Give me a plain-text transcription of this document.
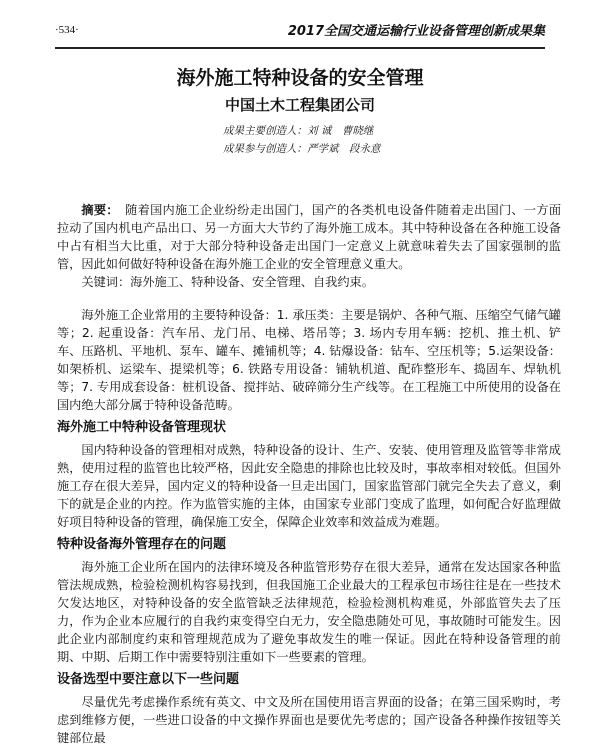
·534·	2017全国交通运输行业设备管理创新成果集
海外施工特种设备的安全管理
中国土木工程集团公司
成果主要创造人：刘 诚　曹晓继
成果参与创造人：严学斌　段永意

摘要：　随着国内施工企业纷纷走出国门，国产的各类机电设备件随着走出国门、一方面拉动了国内机电产品出口、另一方面大大节约了海外施工成本。其中特种设备在各种施工设备中占有相当大比重，对于大部分特种设备走出国门一定意义上就意味着失去了国家强制的监管，因此如何做好特种设备在海外施工企业的安全管理意义重大。

关键词：海外施工、特种设备、安全管理、自我约束。

海外施工企业常用的主要特种设备：1. 承压类：主要是锅炉、各种气瓶、压缩空气储气罐等；2. 起重设备：汽车吊、龙门吊、电梯、塔吊等；3. 场内专用车辆：挖机、推土机、铲车、压路机、平地机、泵车、罐车、摊铺机等；4. 钻爆设备：钻车、空压机等；5.运架设备：如架桥机、运梁车、提梁机等；6. 铁路专用设备：铺轨机道、配砟整形车、捣固车、焊轨机等；7. 专用成套设备：桩机设备、搅拌站、破碎筛分生产线等。在工程施工中所使用的设备在国内绝大部分属于特种设备范畴。

海外施工中特种设备管理现状

国内特种设备的管理相对成熟，特种设备的设计、生产、安装、使用管理及监管等非常成熟，使用过程的监管也比较严格，因此安全隐患的排除也比较及时，事故率相对较低。但国外施工存在很大差异，国内定义的特种设备一旦走出国门，国家监管部门就完全失去了意义，剩下的就是企业的内控。作为监管实施的主体，由国家专业部门变成了监理，如何配合好监理做好项目特种设备的管理，确保施工安全，保障企业效率和效益成为难题。

特种设备海外管理存在的问题

海外施工企业所在国内的法律环境及各种监管形势存在很大差异，通常在发达国家各种监管法规成熟，检验检测机构容易找到，但我国施工企业最大的工程承包市场往往是在一些技术欠发达地区，对特种设备的安全监管缺乏法律规范，检验检测机构难觅，外部监管失去了压力，作为企业本应履行的自我约束变得空白无力，安全隐患随处可见，事故随时可能发生。因此企业内部制度约束和管理规范成为了避免事故发生的唯一保证。因此在特种设备管理的前期、中期、后期工作中需要特别注重如下一些要素的管理。

设备选型中要注意以下一些问题

尽量优先考虑操作系统有英文、中文及所在国使用语言界面的设备；在第三国采购时，考虑到维修方便，一些进口设备的中文操作界面也是要优先考虑的；国产设备各种操作按钮等关键部位最
